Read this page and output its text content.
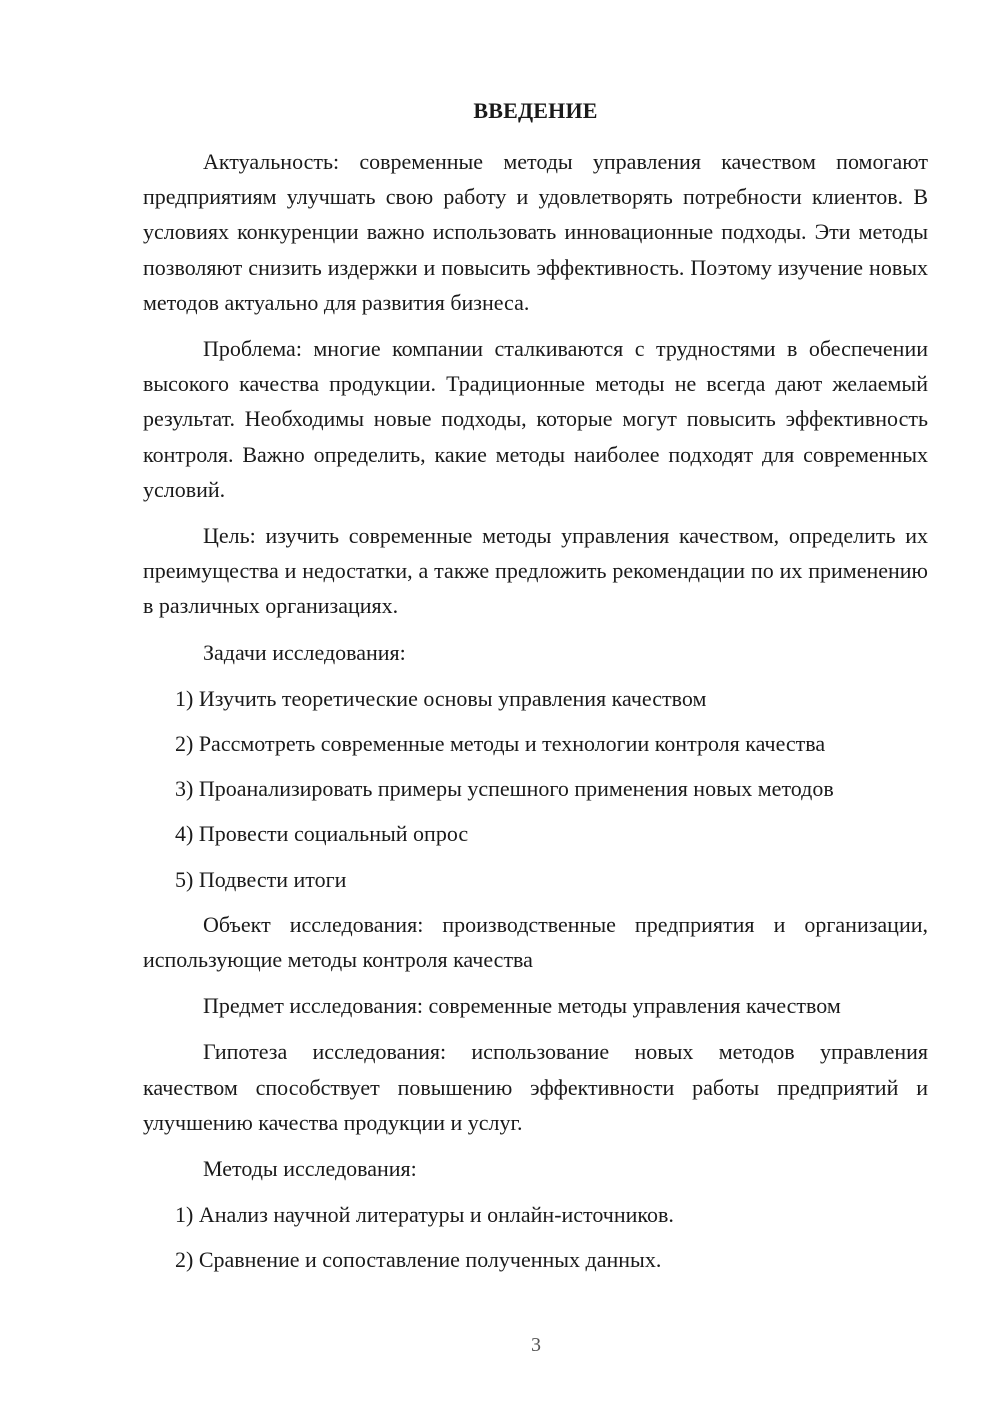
ВВЕДЕНИЕ

Актуальность: современные методы управления качеством помогают предприятиям улучшать свою работу и удовлетворять потребности клиентов. В условиях конкуренции важно использовать инновационные подходы. Эти методы позволяют снизить издержки и повысить эффективность. Поэтому изучение новых методов актуально для развития бизнеса.

Проблема: многие компании сталкиваются с трудностями в обеспечении высокого качества продукции. Традиционные методы не всегда дают желаемый результат. Необходимы новые подходы, которые могут повысить эффективность контроля. Важно определить, какие методы наиболее подходят для современных условий.

Цель: изучить современные методы управления качеством, определить их преимущества и недостатки, а также предложить рекомендации по их применению в различных организациях.

Задачи исследования:

1) Изучить теоретические основы управления качеством
2) Рассмотреть современные методы и технологии контроля качества
3) Проанализировать примеры успешного применения новых методов
4) Провести социальный опрос
5) Подвести итоги

Объект исследования: производственные предприятия и организации, использующие методы контроля качества

Предмет исследования: современные методы управления качеством

Гипотеза исследования: использование новых методов управления качеством способствует повышению эффективности работы предприятий и улучшению качества продукции и услуг.

Методы исследования:

1) Анализ научной литературы и онлайн-источников.
2) Сравнение и сопоставление полученных данных.
3
